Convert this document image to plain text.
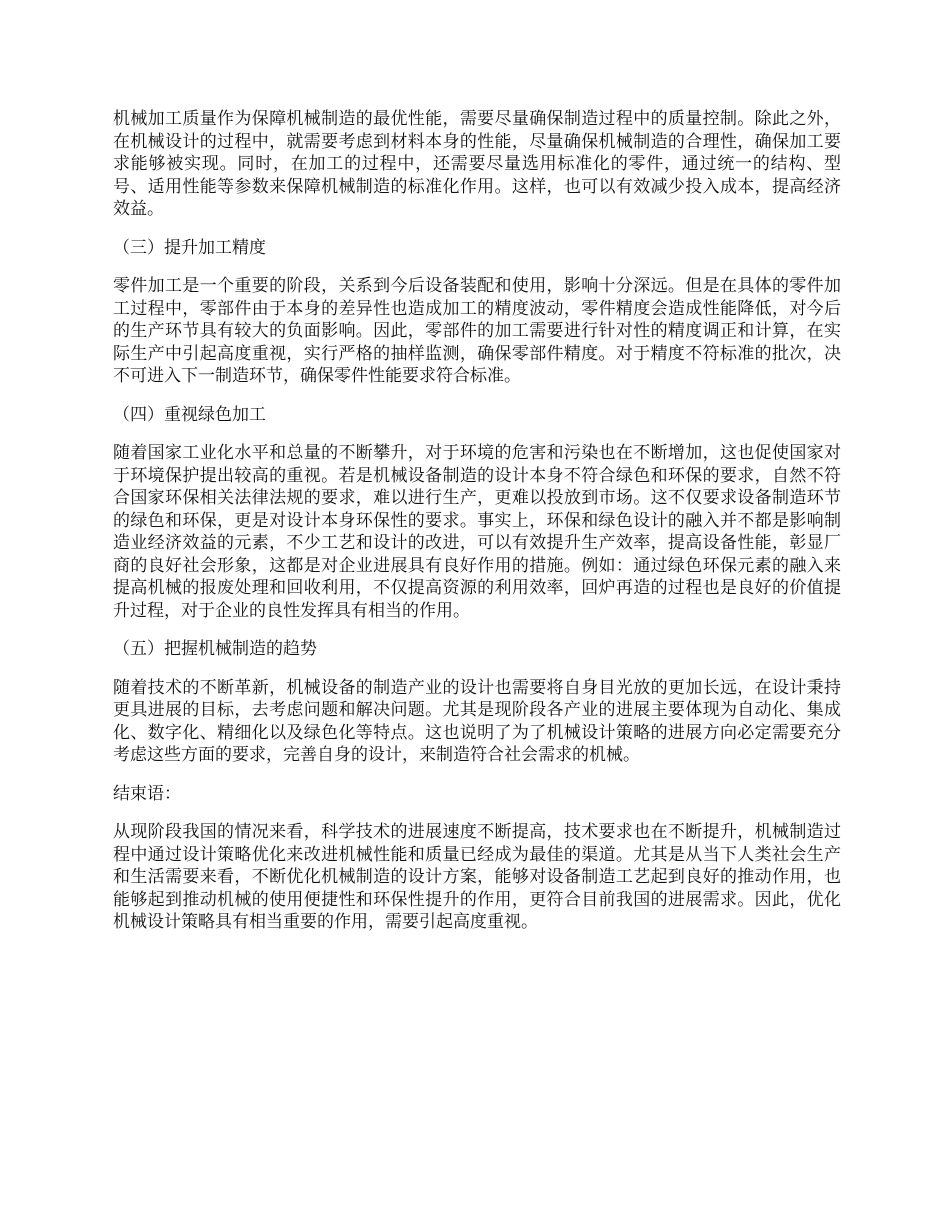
机械加工质量作为保障机械制造的最优性能，需要尽量确保制造过程中的质量控制。除此之外，在机械设计的过程中，就需要考虑到材料本身的性能，尽量确保机械制造的合理性，确保加工要求能够被实现。同时，在加工的过程中，还需要尽量选用标准化的零件，通过统一的结构、型号、适用性能等参数来保障机械制造的标准化作用。这样，也可以有效减少投入成本，提高经济效益。

（三）提升加工精度

零件加工是一个重要的阶段，关系到今后设备装配和使用，影响十分深远。但是在具体的零件加工过程中，零部件由于本身的差异性也造成加工的精度波动，零件精度会造成性能降低，对今后的生产环节具有较大的负面影响。因此，零部件的加工需要进行针对性的精度调正和计算，在实际生产中引起高度重视，实行严格的抽样监测，确保零部件精度。对于精度不符标准的批次，决不可进入下一制造环节，确保零件性能要求符合标准。

（四）重视绿色加工

随着国家工业化水平和总量的不断攀升，对于环境的危害和污染也在不断增加，这也促使国家对于环境保护提出较高的重视。若是机械设备制造的设计本身不符合绿色和环保的要求，自然不符合国家环保相关法律法规的要求，难以进行生产，更难以投放到市场。这不仅要求设备制造环节的绿色和环保，更是对设计本身环保性的要求。事实上，环保和绿色设计的融入并不都是影响制造业经济效益的元素，不少工艺和设计的改进，可以有效提升生产效率，提高设备性能，彰显厂商的良好社会形象，这都是对企业进展具有良好作用的措施。例如：通过绿色环保元素的融入来提高机械的报废处理和回收利用，不仅提高资源的利用效率，回炉再造的过程也是良好的价值提升过程，对于企业的良性发挥具有相当的作用。

（五）把握机械制造的趋势

随着技术的不断革新，机械设备的制造产业的设计也需要将自身目光放的更加长远，在设计秉持更具进展的目标，去考虑问题和解决问题。尤其是现阶段各产业的进展主要体现为自动化、集成化、数字化、精细化以及绿色化等特点。这也说明了为了机械设计策略的进展方向必定需要充分考虑这些方面的要求，完善自身的设计，来制造符合社会需求的机械。

结束语：

从现阶段我国的情况来看，科学技术的进展速度不断提高，技术要求也在不断提升，机械制造过程中通过设计策略优化来改进机械性能和质量已经成为最佳的渠道。尤其是从当下人类社会生产和生活需要来看，不断优化机械制造的设计方案，能够对设备制造工艺起到良好的推动作用，也能够起到推动机械的使用便捷性和环保性提升的作用，更符合目前我国的进展需求。因此，优化机械设计策略具有相当重要的作用，需要引起高度重视。
